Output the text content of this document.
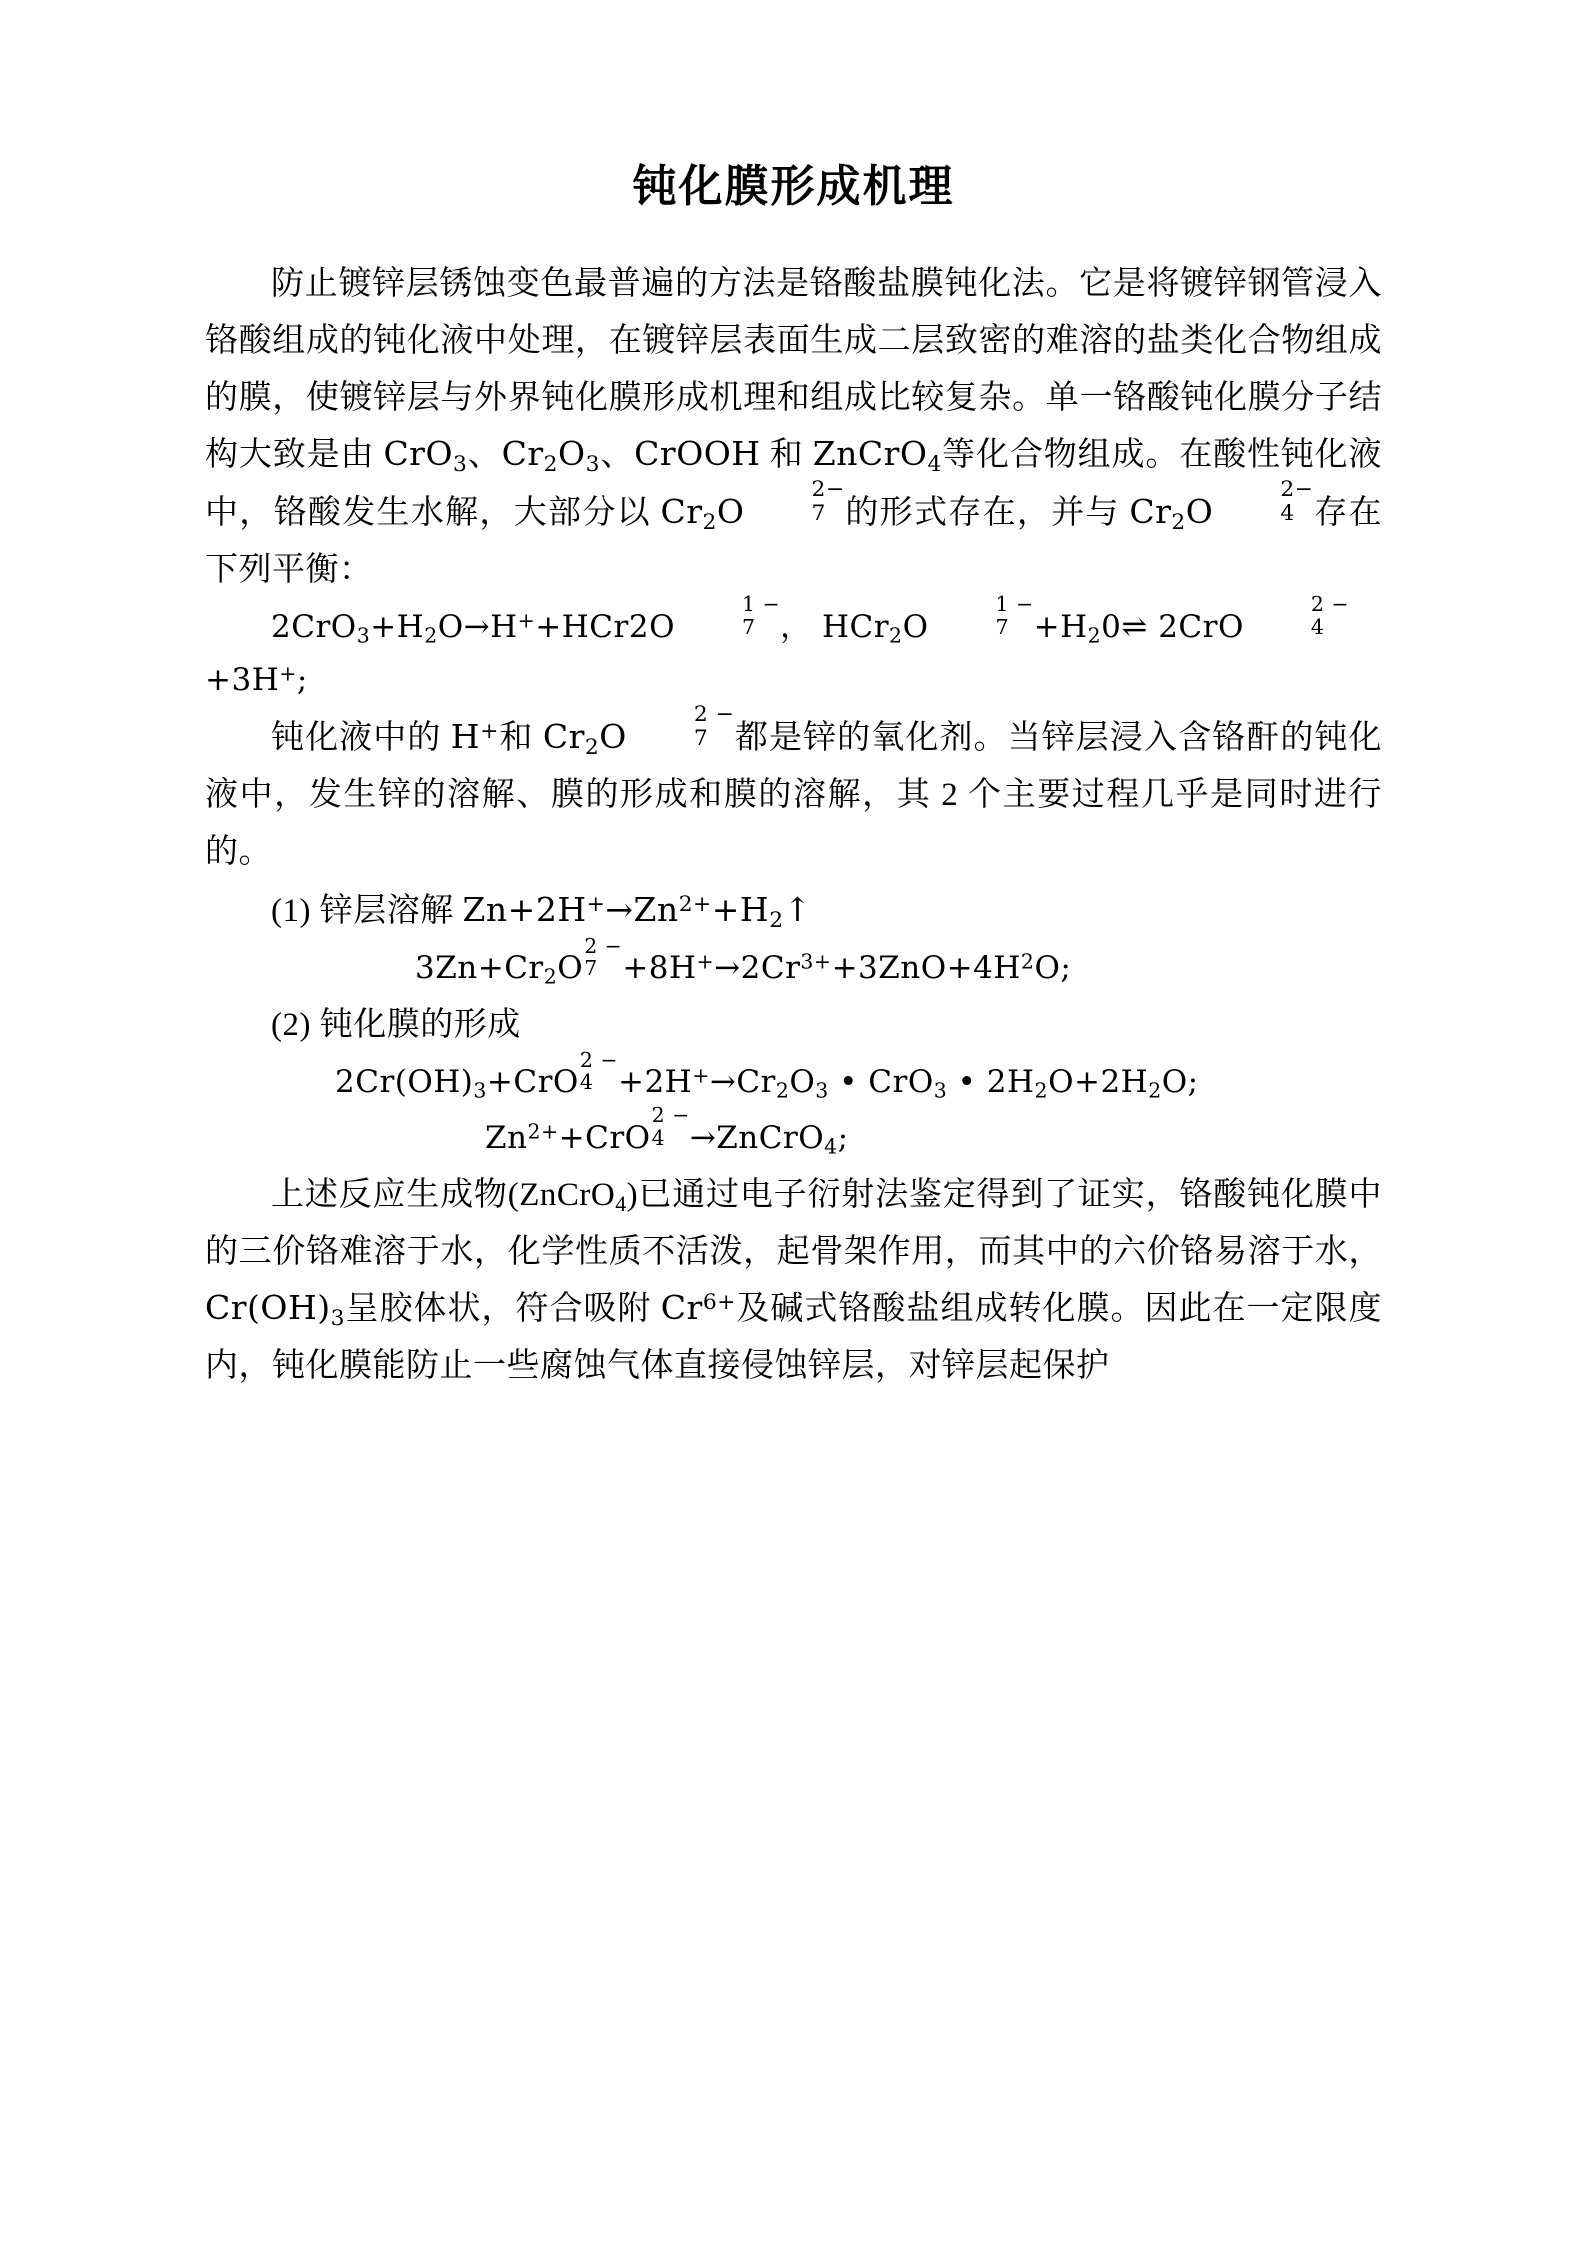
钝化膜形成机理

防止镀锌层锈蚀变色最普遍的方法是铬酸盐膜钝化法。它是将镀锌钢管浸入铬酸组成的钝化液中处理，在镀锌层表面生成二层致密的难溶的盐类化合物组成的膜，使镀锌层与外界钝化膜形成机理和组成比较复杂。单一铬酸钝化膜分子结构大致是由 CrO$_3$、$Cr_2O_3$、CrOOH 和 ZnCrO$_4$等化合物组成。在酸性钝化液中，铬酸发生水解，大部分以 $Cr_2O$
2−
7 的形式存在，并与 $Cr_2O$
2−
4 存在下列平衡：

$2CrO_3+H_2O\to H^++HCr2O$
1 −
7 ， HCr$_2$O
1 −
$7 +H_20\rightleftharpoons$ 2CrO
2 −
4
+3H+;

钝化液中的 H+和 $Cr_2O$
2 −
7 都是锌的氧化剂。当锌层浸入含铬酐的钝化液中，发生锌的溶解、膜的形成和膜的溶解，其 2 个主要过程几乎是同时进行的。

(1) 锌层溶解 $Zn+2H^+\to Zn^{2+}+H_2↑$

$3Zn+Cr_2O$
2 −
$7 +8H^+\to 2Cr^{3+}+3ZnO+4H^2O$;

(2) 钝化膜的形成

$2Cr(OH)_3+CrO$
2 −
$4 +2H^+\to Cr_2O_3$ • CrO$_3$ • $2H_2O+2H_2O$;

$Zn^{2+}+CrO$
2 −
4 →ZnCrO$_4$;

上述反应生成物(ZnCrO$_4$)已通过电子衍射法鉴定得到了证实，铬酸钝化膜中的三价铬难溶于水，化学性质不活泼，起骨架作用，而其中的六价铬易溶于水，$Cr(OH)_3$呈胶体状，符合吸附 $Cr^{6+}$及碱式铬酸盐组成转化膜。因此在一定限度内，钝化膜能防止一些腐蚀气体直接侵蚀锌层，对锌层起保护
